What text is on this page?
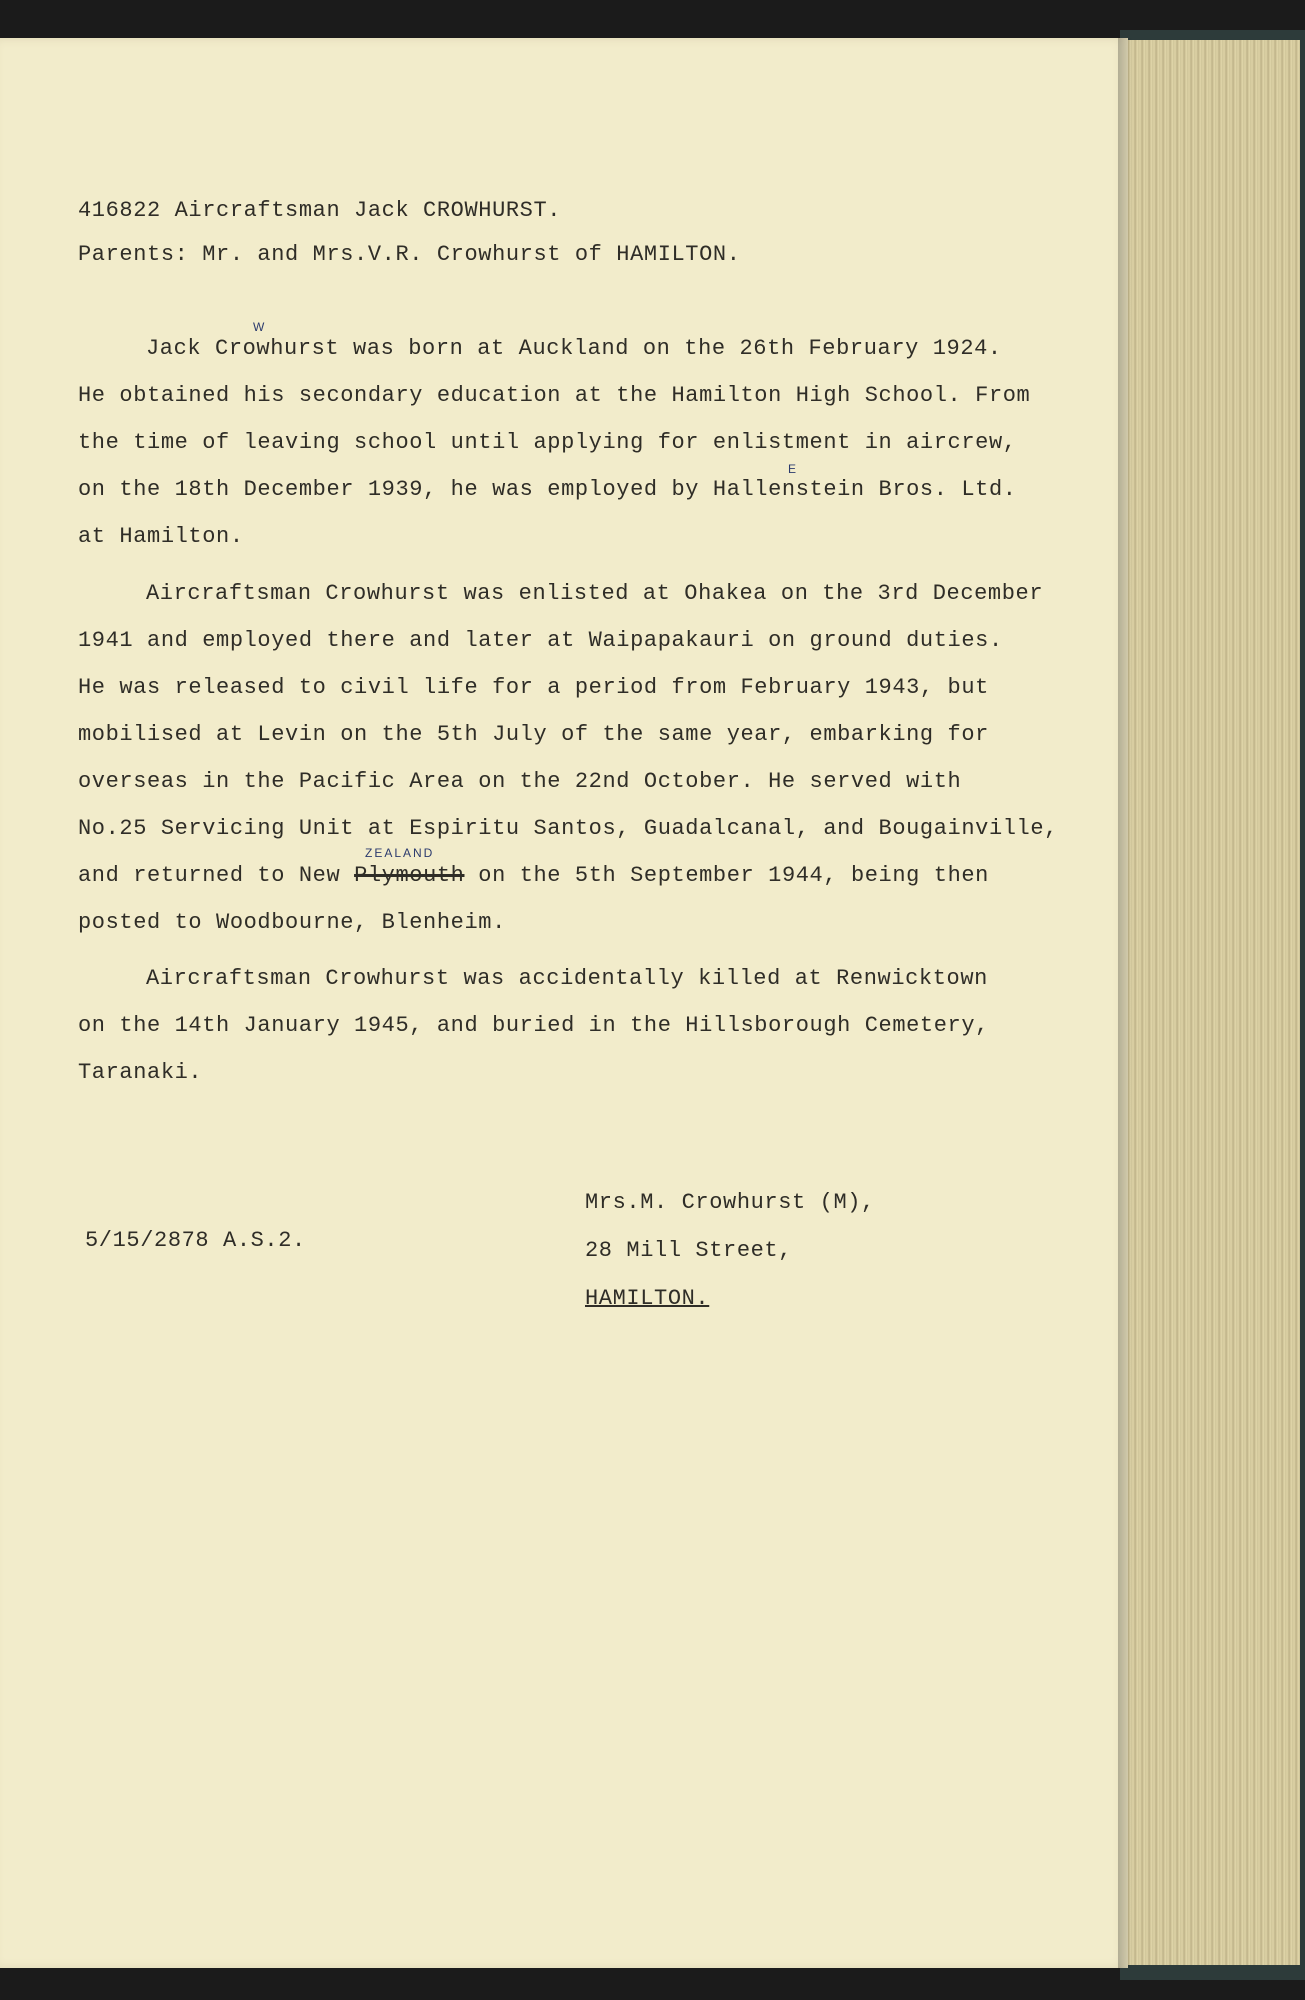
416822 Aircraftsman Jack CROWHURST.
Parents: Mr. and Mrs.V.R. Crowhurst of HAMILTON.
Jack Crowhurst was born at Auckland on the 26th February 1924.
W
He obtained his secondary education at the Hamilton High School. From
the time of leaving school until applying for enlistment in aircrew,
on the 18th December 1939, he was employed by Hallenstein Bros. Ltd.
E
at Hamilton.
Aircraftsman Crowhurst was enlisted at Ohakea on the 3rd December
1941 and employed there and later at Waipapakauri on ground duties.
He was released to civil life for a period from February 1943, but
mobilised at Levin on the 5th July of the same year, embarking for
overseas in the Pacific Area on the 22nd October. He served with
No.25 Servicing Unit at Espiritu Santos, Guadalcanal, and Bougainville,
and returned to New Plymouth on the 5th September 1944, being then
ZEALAND
posted to Woodbourne, Blenheim.
Aircraftsman Crowhurst was accidentally killed at Renwicktown
on the 14th January 1945, and buried in the Hillsborough Cemetery,
Taranaki.
5/15/2878 A.S.2.
Mrs.M. Crowhurst (M),
28 Mill Street,
HAMILTON.
